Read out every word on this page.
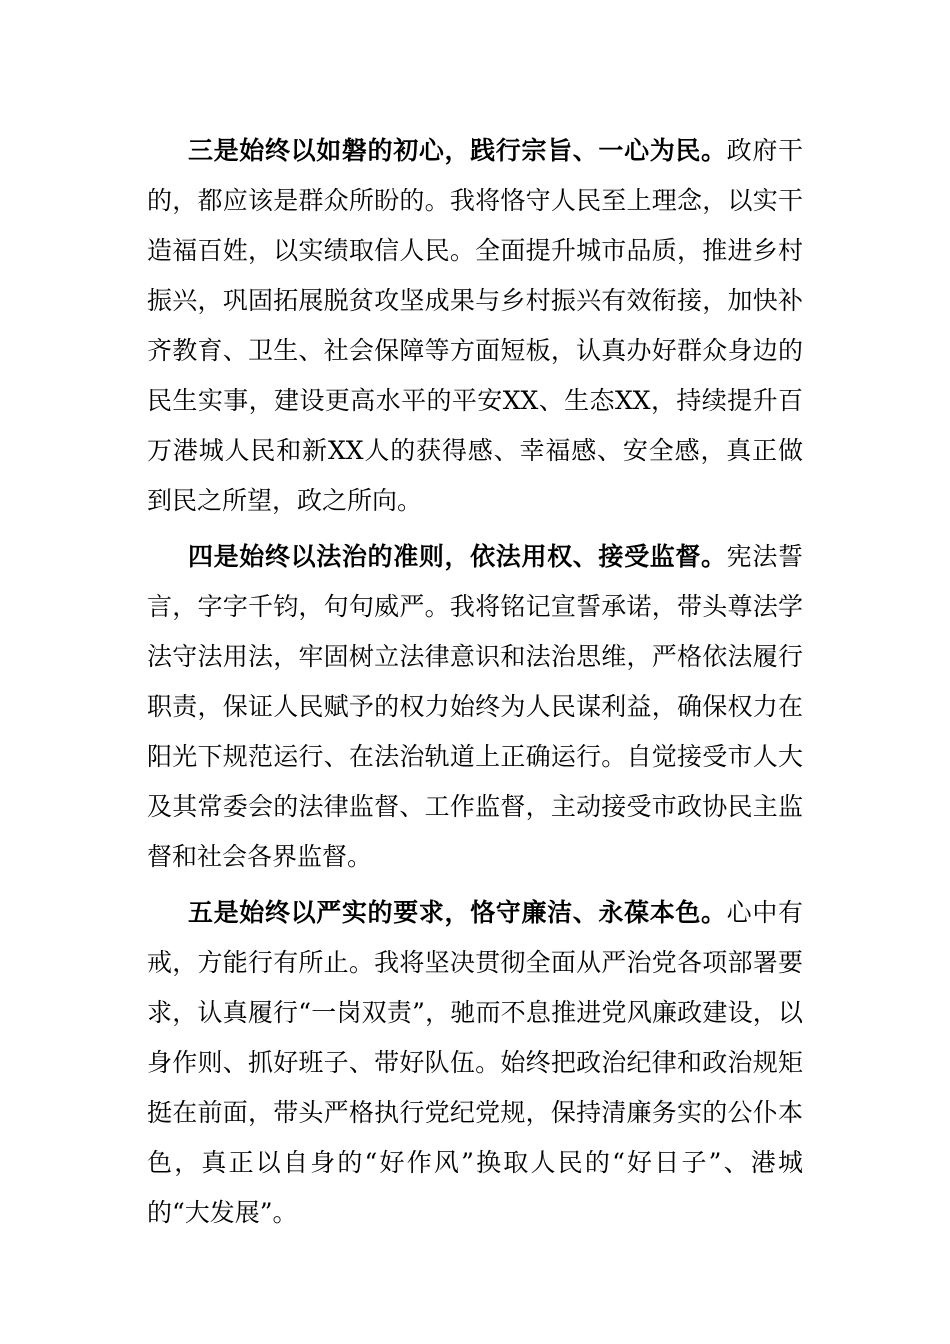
三是始终以如磐的初心，践行宗旨、一心为民。政府干的，都应该是群众所盼的。我将恪守人民至上理念，以实干造福百姓，以实绩取信人民。全面提升城市品质，推进乡村振兴，巩固拓展脱贫攻坚成果与乡村振兴有效衔接，加快补齐教育、卫生、社会保障等方面短板，认真办好群众身边的民生实事，建设更高水平的平安XX、生态XX，持续提升百万港城人民和新XX人的获得感、幸福感、安全感，真正做到民之所望，政之所向。

四是始终以法治的准则，依法用权、接受监督。宪法誓言，字字千钧，句句威严。我将铭记宣誓承诺，带头尊法学法守法用法，牢固树立法律意识和法治思维，严格依法履行职责，保证人民赋予的权力始终为人民谋利益，确保权力在阳光下规范运行、在法治轨道上正确运行。自觉接受市人大及其常委会的法律监督、工作监督，主动接受市政协民主监督和社会各界监督。

五是始终以严实的要求，恪守廉洁、永葆本色。心中有戒，方能行有所止。我将坚决贯彻全面从严治党各项部署要求，认真履行“一岗双责”，驰而不息推进党风廉政建设，以身作则、抓好班子、带好队伍。始终把政治纪律和政治规矩挺在前面，带头严格执行党纪党规，保持清廉务实的公仆本色，真正以自身的“好作风”换取人民的“好日子”、港城的“大发展”。
